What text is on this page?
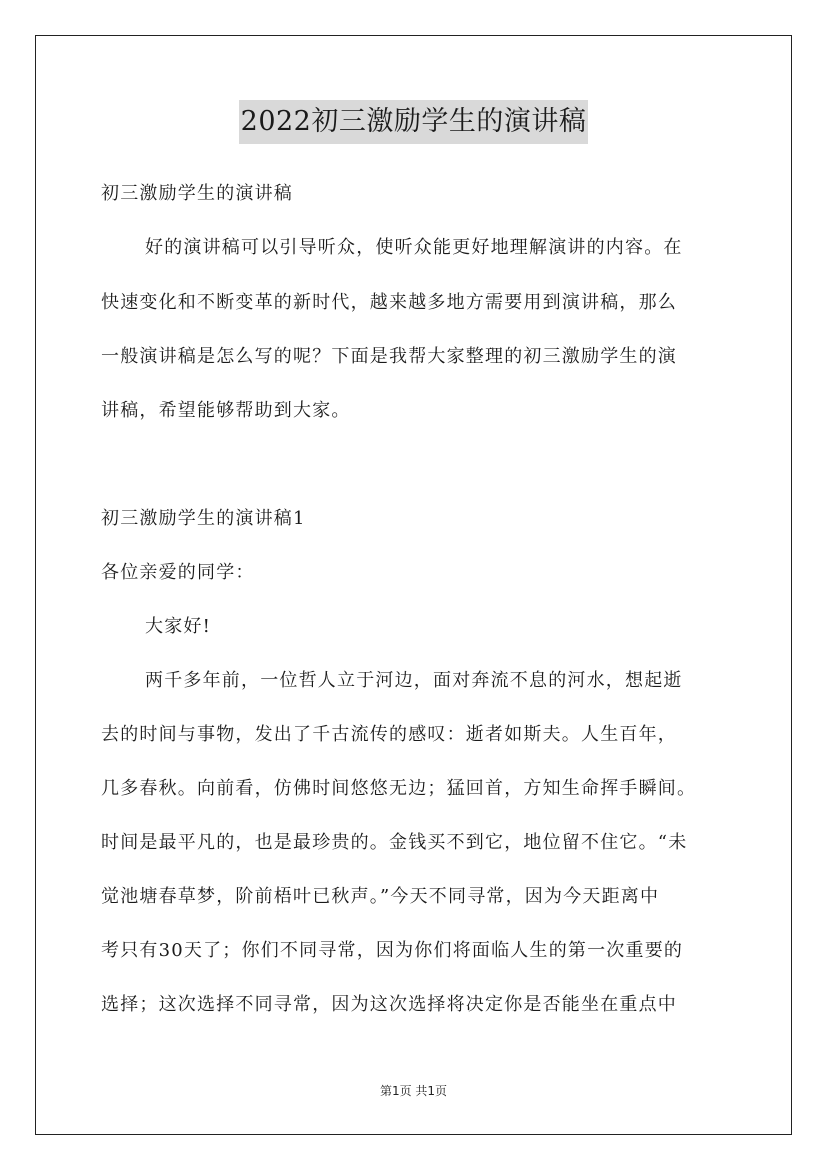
2022初三激励学生的演讲稿
初三激励学生的演讲稿
好的演讲稿可以引导听众，使听众能更好地理解演讲的内容。在
快速变化和不断变革的新时代，越来越多地方需要用到演讲稿，那么
一般演讲稿是怎么写的呢？下面是我帮大家整理的初三激励学生的演
讲稿，希望能够帮助到大家。
初三激励学生的演讲稿1
各位亲爱的同学：
大家好!
两千多年前，一位哲人立于河边，面对奔流不息的河水，想起逝
去的时间与事物，发出了千古流传的感叹：逝者如斯夫。人生百年，
几多春秋。向前看，仿佛时间悠悠无边；猛回首，方知生命挥手瞬间。
时间是最平凡的，也是最珍贵的。金钱买不到它，地位留不住它。“未
觉池塘春草梦，阶前梧叶已秋声。”今天不同寻常，因为今天距离中
考只有30天了；你们不同寻常，因为你们将面临人生的第一次重要的
选择；这次选择不同寻常，因为这次选择将决定你是否能坐在重点中
第1页 共1页
